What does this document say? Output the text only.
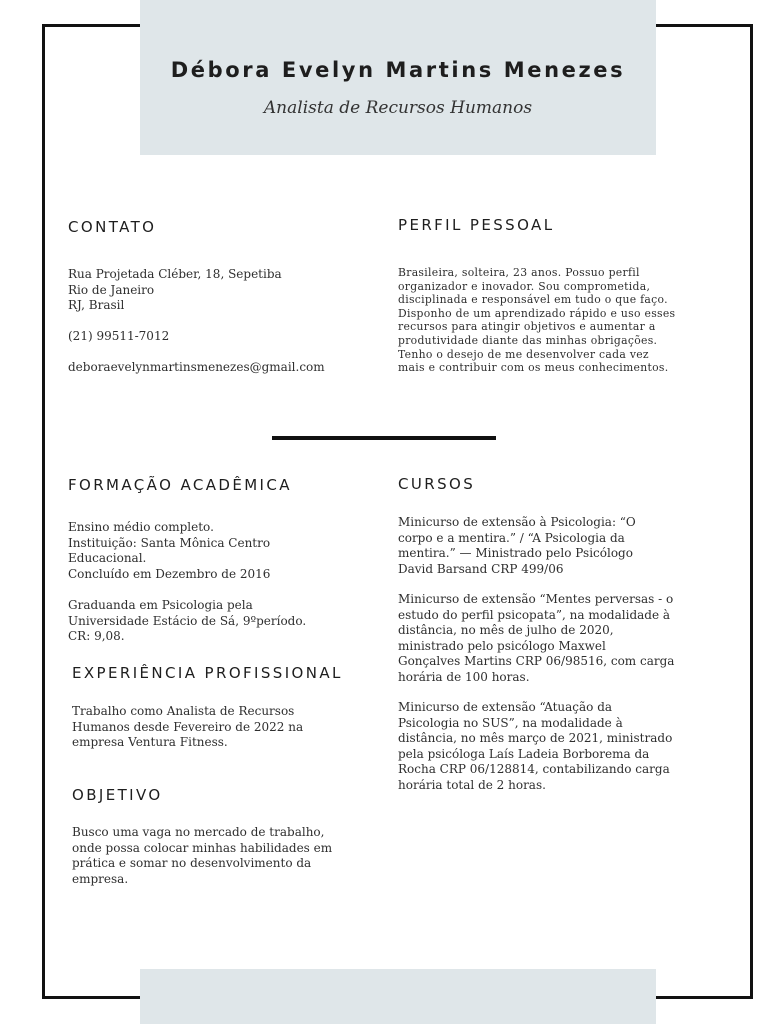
Débora Evelyn Martins Menezes
Analista de Recursos Humanos
CONTATO
Rua Projetada Cléber, 18, Sepetiba
Rio de Janeiro
RJ, Brasil
(21) 99511-7012
deboraevelynmartinsmenezes@gmail.com
PERFIL PESSOAL
Brasileira, solteira, 23 anos. Possuo perfil
organizador e inovador. Sou comprometida,
disciplinada e responsável em tudo o que faço.
Disponho de um aprendizado rápido e uso esses
recursos para atingir objetivos e aumentar a
produtividade diante das minhas obrigações.
Tenho o desejo de me desenvolver cada vez
mais e contribuir com os meus conhecimentos.
FORMAÇÃO ACADÊMICA
Ensino médio completo.
Instituição: Santa Mônica Centro
Educacional.
Concluído em Dezembro de 2016
Graduanda em Psicologia pela
Universidade Estácio de Sá, 9ºperíodo.
CR: 9,08.
EXPERIÊNCIA PROFISSIONAL
Trabalho como Analista de Recursos
Humanos desde Fevereiro de 2022 na
empresa Ventura Fitness.
OBJETIVO
Busco uma vaga no mercado de trabalho,
onde possa colocar minhas habilidades em
prática e somar no desenvolvimento da
empresa.
CURSOS
Minicurso de extensão à Psicologia: “O
corpo e a mentira.” / “A Psicologia da
mentira.” — Ministrado pelo Psicólogo
David Barsand CRP 499/06
Minicurso de extensão “Mentes perversas - o
estudo do perfil psicopata”, na modalidade à
distância, no mês de julho de 2020,
ministrado pelo psicólogo Maxwel
Gonçalves Martins CRP 06/98516, com carga
horária de 100 horas.
Minicurso de extensão “Atuação da
Psicologia no SUS”, na modalidade à
distância, no mês março de 2021, ministrado
pela psicóloga Laís Ladeia Borborema da
Rocha CRP 06/128814, contabilizando carga
horária total de 2 horas.
